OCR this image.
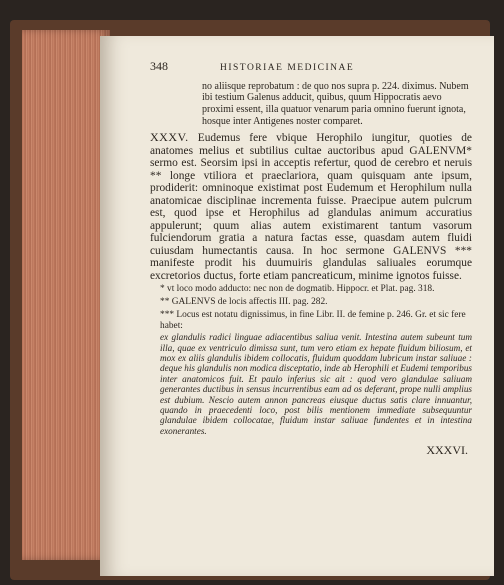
348	HISTORIAE MEDICINAE
no aliisque reprobatum : de quo nos supra p. 224. diximus. Nubem ibi testium Galenus adducit, quibus, quum Hippocratis aevo proximi essent, illa quatuor venarum paria omnino fuerunt ignota, hosque inter Antigenes noster comparet.
XXXV. Eudemus fere vbique Herophilo iungitur, quoties de anatomes melius et subtilius cultae auctoribus apud GALENVM* sermo est. Seorsim ipsi in acceptis refertur, quod de cerebro et neruis ** longe vtiliora et praeclariora, quam quisquam ante ipsum, prodiderit: omninoque existimat post Eudemum et Herophilum nulla anatomicae disciplinae incrementa fuisse. Praecipue autem pulcrum est, quod ipse et Herophilus ad glandulas animum accuratius appulerunt; quum alias autem existimarent tantum vasorum fulciendorum gratia a natura factas esse, quasdam autem fluidi cuiusdam humectantis causa. In hoc sermone GALENVS *** manifeste prodit his duumuiris glandulas saliuales eorumque excretorios ductus, forte etiam pancreaticum, minime ignotos fuisse.
* vt loco modo adducto: nec non de dogmatib. Hippocr. et Plat. pag. 318.
** GALENVS de locis affectis III. pag. 282.
*** Locus est notatu dignissimus, in fine Libr. II. de femine p. 246. Gr. et sic fere habet:
ex glandulis radici linguae adiacentibus saliua venit. Intestina autem subeunt tum illa, quae ex ventriculo dimissa sunt, tum vero etiam ex hepate fluidum biliosum, et mox ex aliis glandulis ibidem collocatis, fluidum quoddam lubricum instar saliuae : deque his glandulis non modica disceptatio, inde ab Herophili et Eudemi temporibus inter anatomicos fuit. Et paulo inferius sic ait : quod vero glandulae saliuam generantes ductibus in sensus incurrentibus eam ad os deferant, prope nulli amplius est dubium. Nescio autem annon pancreas eiusque ductus satis clare innuantur, quando in praecedenti loco, post bilis mentionem immediate subsequuntur glandulae ibidem collocatae, fluidum instar saliuae fundentes et in intestina exonerantes.
XXXVI.
